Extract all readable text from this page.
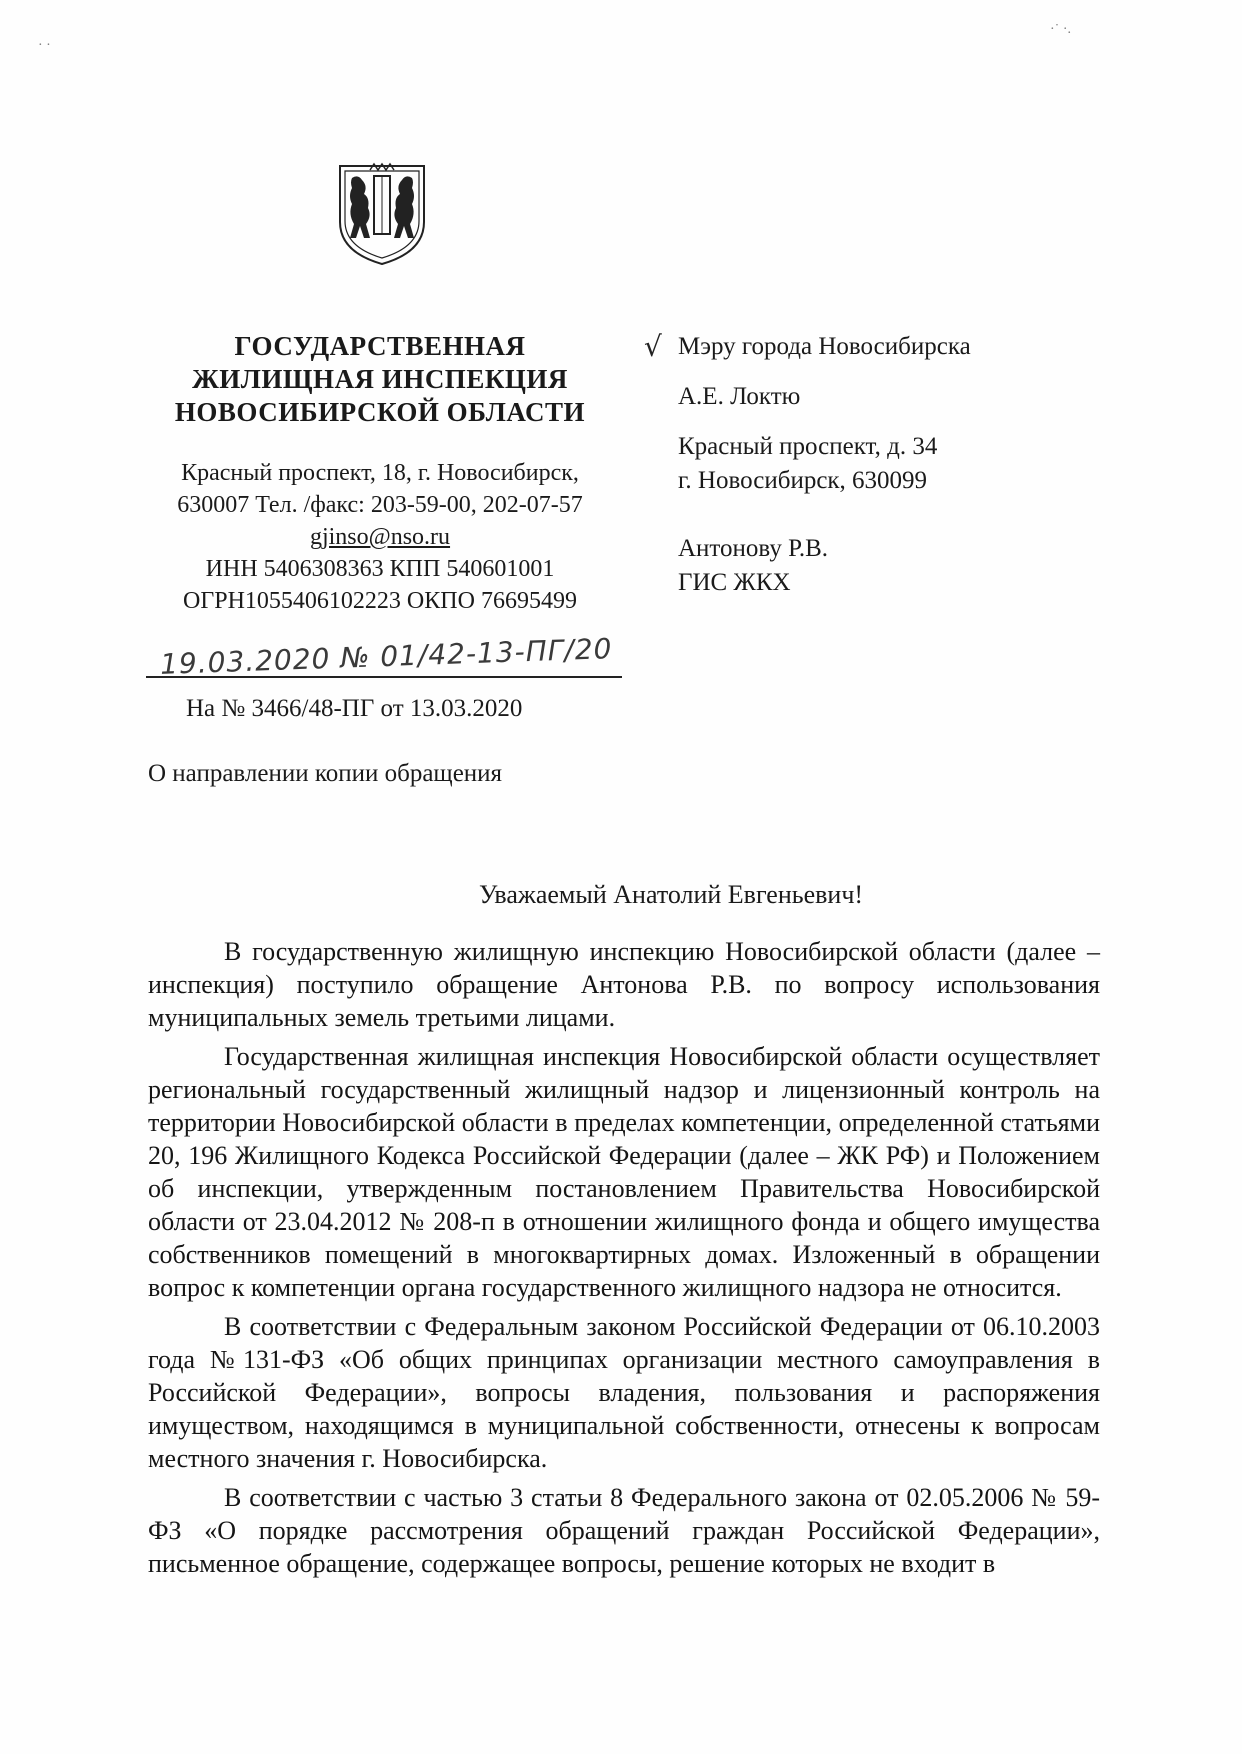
· ·
·˙ ·.
ГОСУДАРСТВЕННАЯ
ЖИЛИЩНАЯ ИНСПЕКЦИЯ
НОВОСИБИРСКОЙ ОБЛАСТИ
Красный проспект, 18, г. Новосибирск,
630007 Тел. /факс: 203-59-00, 202-07-57
gjinso@nso.ru
ИНН 5406308363 КПП 540601001
ОГРН1055406102223 ОКПО 76695499
19.03.2020 № 01/42-13-ПГ/20
На № 3466/48-ПГ от 13.03.2020
О направлении копии обращения
√ Мэру города Новосибирска
А.Е. Локтю
Красный проспект, д. 34
г. Новосибирск, 630099
Антонову Р.В.
ГИС ЖКХ
Уважаемый Анатолий Евгеньевич!

В государственную жилищную инспекцию Новосибирской области (далее – инспекция) поступило обращение Антонова Р.В. по вопросу использования муниципальных земель третьими лицами.

Государственная жилищная инспекция Новосибирской области осуществляет региональный государственный жилищный надзор и лицензионный контроль на территории Новосибирской области в пределах компетенции, определенной статьями 20, 196 Жилищного Кодекса Российской Федерации (далее – ЖК РФ) и Положением об инспекции, утвержденным постановлением Правительства Новосибирской области от 23.04.2012 № 208-п в отношении жилищного фонда и общего имущества собственников помещений в многоквартирных домах. Изложенный в обращении вопрос к компетенции органа государственного жилищного надзора не относится.

В соответствии с Федеральным законом Российской Федерации от 06.10.2003 года №131-ФЗ «Об общих принципах организации местного самоуправления в Российской Федерации», вопросы владения, пользования и распоряжения имуществом, находящимся в муниципальной собственности, отнесены к вопросам местного значения г. Новосибирска.

В соответствии с частью 3 статьи 8 Федерального закона от 02.05.2006 № 59-ФЗ «О порядке рассмотрения обращений граждан Российской Федерации», письменное обращение, содержащее вопросы, решение которых не входит в
